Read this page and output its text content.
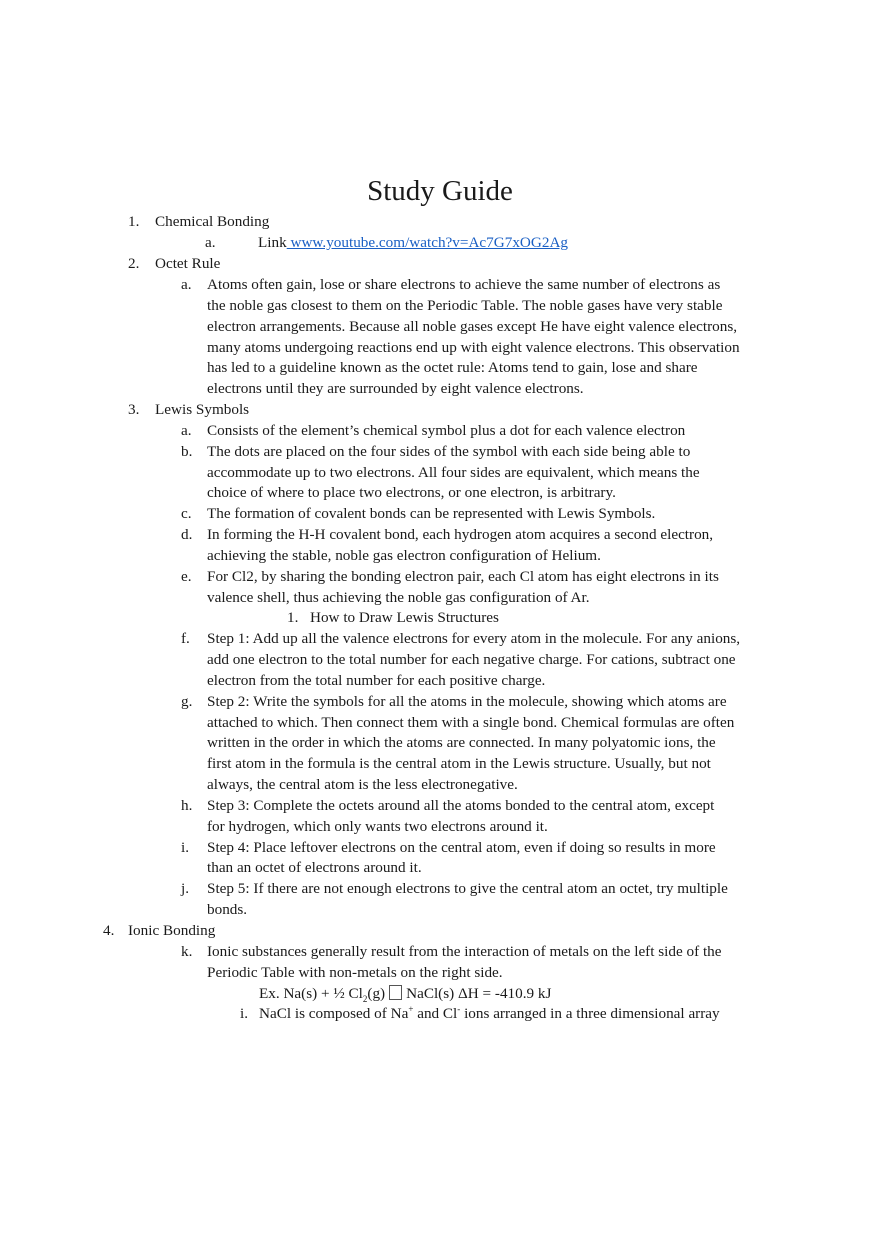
Study Guide
1. Chemical Bonding
a.	Link www.youtube.com/watch?v=Ac7G7xOG2Ag
2. Octet Rule
a. Atoms often gain, lose or share electrons to achieve the same number of electrons as
the noble gas closest to them on the Periodic Table. The noble gases have very stable
electron arrangements. Because all noble gases except He have eight valence electrons,
many atoms undergoing reactions end up with eight valence electrons. This observation
has led to a guideline known as the octet rule: Atoms tend to gain, lose and share
electrons until they are surrounded by eight valence electrons.
3. Lewis Symbols
a. Consists of the element’s chemical symbol plus a dot for each valence electron
b. The dots are placed on the four sides of the symbol with each side being able to
accommodate up to two electrons. All four sides are equivalent, which means the
choice of where to place two electrons, or one electron, is arbitrary.
c. The formation of covalent bonds can be represented with Lewis Symbols.
d. In forming the H-H covalent bond, each hydrogen atom acquires a second electron,
achieving the stable, noble gas electron configuration of Helium.
e. For Cl2, by sharing the bonding electron pair, each Cl atom has eight electrons in its
valence shell, thus achieving the noble gas configuration of Ar.
1. How to Draw Lewis Structures
f. Step 1: Add up all the valence electrons for every atom in the molecule. For any anions,
add one electron to the total number for each negative charge. For cations, subtract one
electron from the total number for each positive charge.
g. Step 2: Write the symbols for all the atoms in the molecule, showing which atoms are
attached to which. Then connect them with a single bond. Chemical formulas are often
written in the order in which the atoms are connected. In many polyatomic ions, the
first atom in the formula is the central atom in the Lewis structure. Usually, but not
always, the central atom is the less electronegative.
h. Step 3: Complete the octets around all the atoms bonded to the central atom, except
for hydrogen, which only wants two electrons around it.
i. Step 4: Place leftover electrons on the central atom, even if doing so results in more
than an octet of electrons around it.
j. Step 5: If there are not enough electrons to give the central atom an octet, try multiple
bonds.
4. Ionic Bonding
k. Ionic substances generally result from the interaction of metals on the left side of the
Periodic Table with non-metals on the right side.
Ex. Na(s) + ½ $Cl_2(g)$ NaCl(s) ΔH = -410.9 kJ
i. NaCl is composed of Na+ and Cl- ions arranged in a three dimensional array
